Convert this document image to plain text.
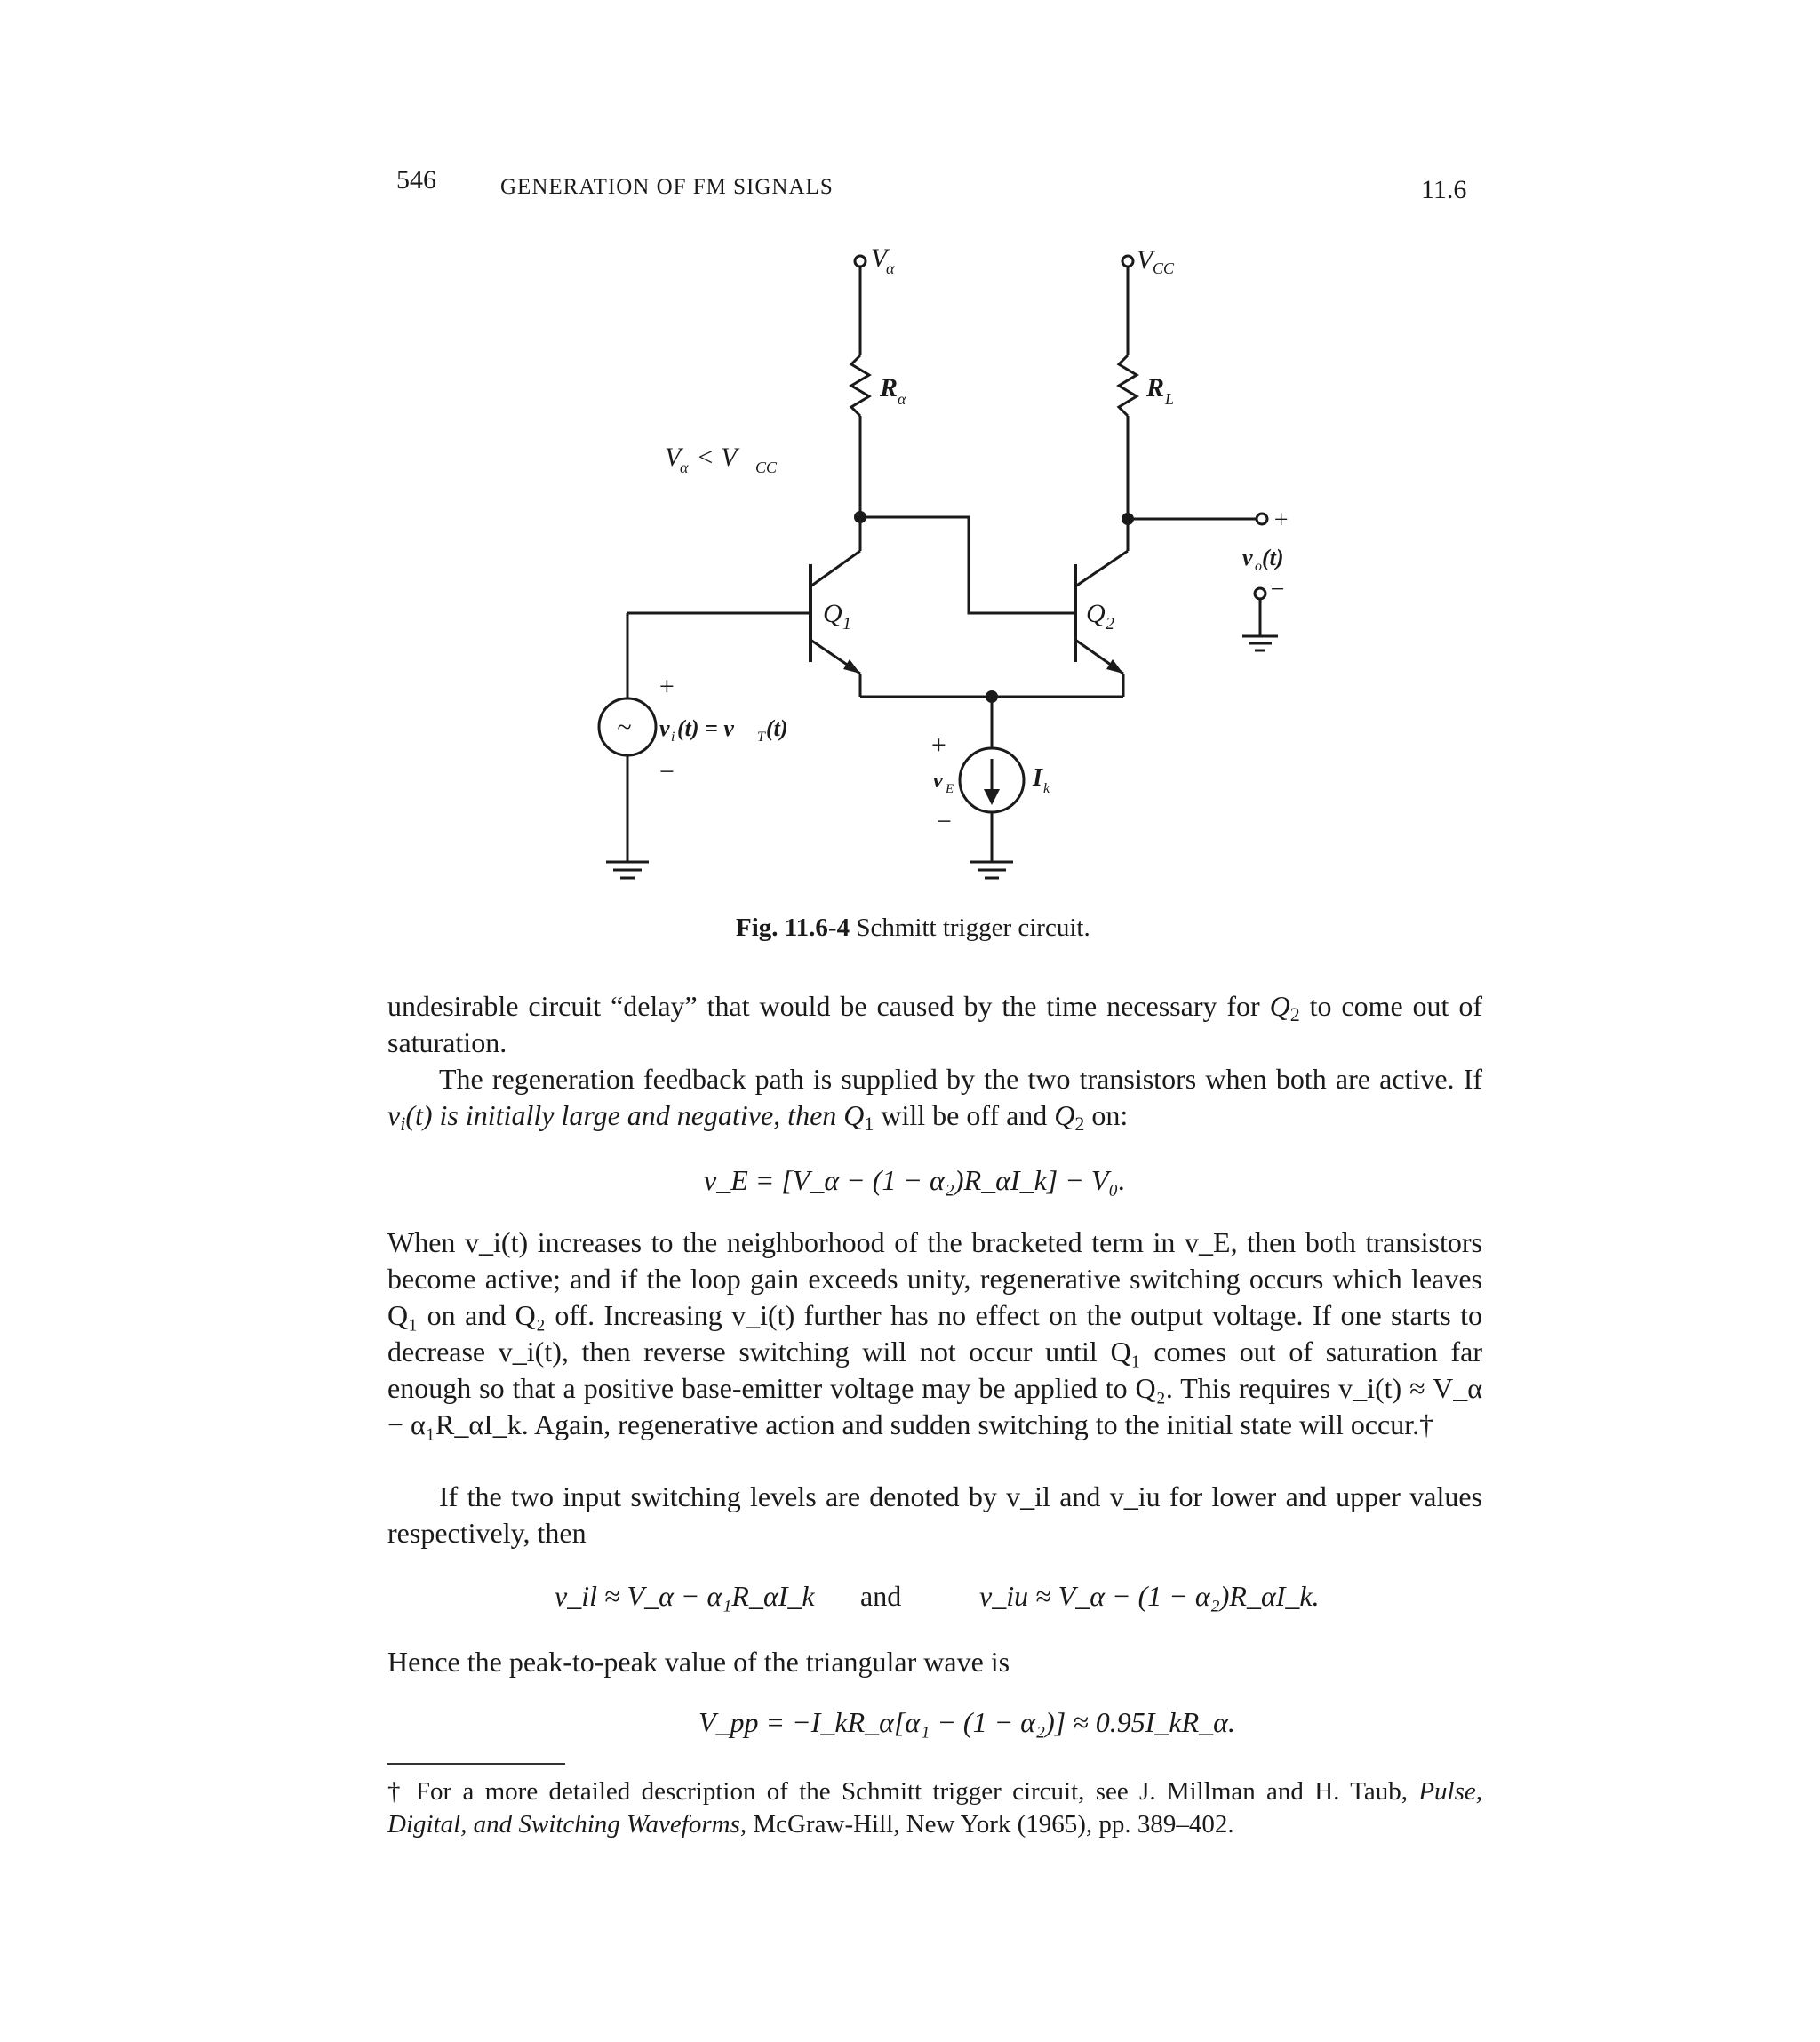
546	GENERATION OF FM SIGNALS	11.6
V
α	V CC
R α	R L
V
α < V CC
Q 1	Q 2
+
v o (t)
−
+
−
~ v i (t) = v T (t)
+
v E
−
I k
Fig. 11.6-4 Schmitt trigger circuit.

undesirable circuit “delay” that would be caused by the time necessary for $Q_2$ to come out of saturation.

The regeneration feedback path is supplied by the two transistors when both are active. If $v_i(t)$ is initially large and negative, then $Q_1$ will be off and $Q_2$ on:

v_E = [V_α − (1 − α₂)R_αI_k] − V₀.

When v_i(t) increases to the neighborhood of the bracketed term in v_E, then both transistors become active; and if the loop gain exceeds unity, regenerative switching occurs which leaves Q₁ on and Q₂ off. Increasing v_i(t) further has no effect on the output voltage. If one starts to decrease v_i(t), then reverse switching will not occur until Q₁ comes out of saturation far enough so that a positive base-emitter voltage may be applied to Q₂. This requires v_i(t) ≈ V_α − α₁R_αI_k. Again, regenerative action and sudden switching to the initial state will occur.†

If the two input switching levels are denoted by v_il and v_iu for lower and upper values respectively, then

v_il ≈ V_α − α₁R_αI_k and	v_iu ≈ V_α − (1 − α₂)R_αI_k.

Hence the peak-to-peak value of the triangular wave is

V_pp = −I_kR_α[α₁ − (1 − α₂)] ≈ 0.95I_kR_α.
† For a more detailed description of the Schmitt trigger circuit, see J. Millman and H. Taub, Pulse, Digital, and Switching Waveforms, McGraw-Hill, New York (1965), pp. 389–402.
